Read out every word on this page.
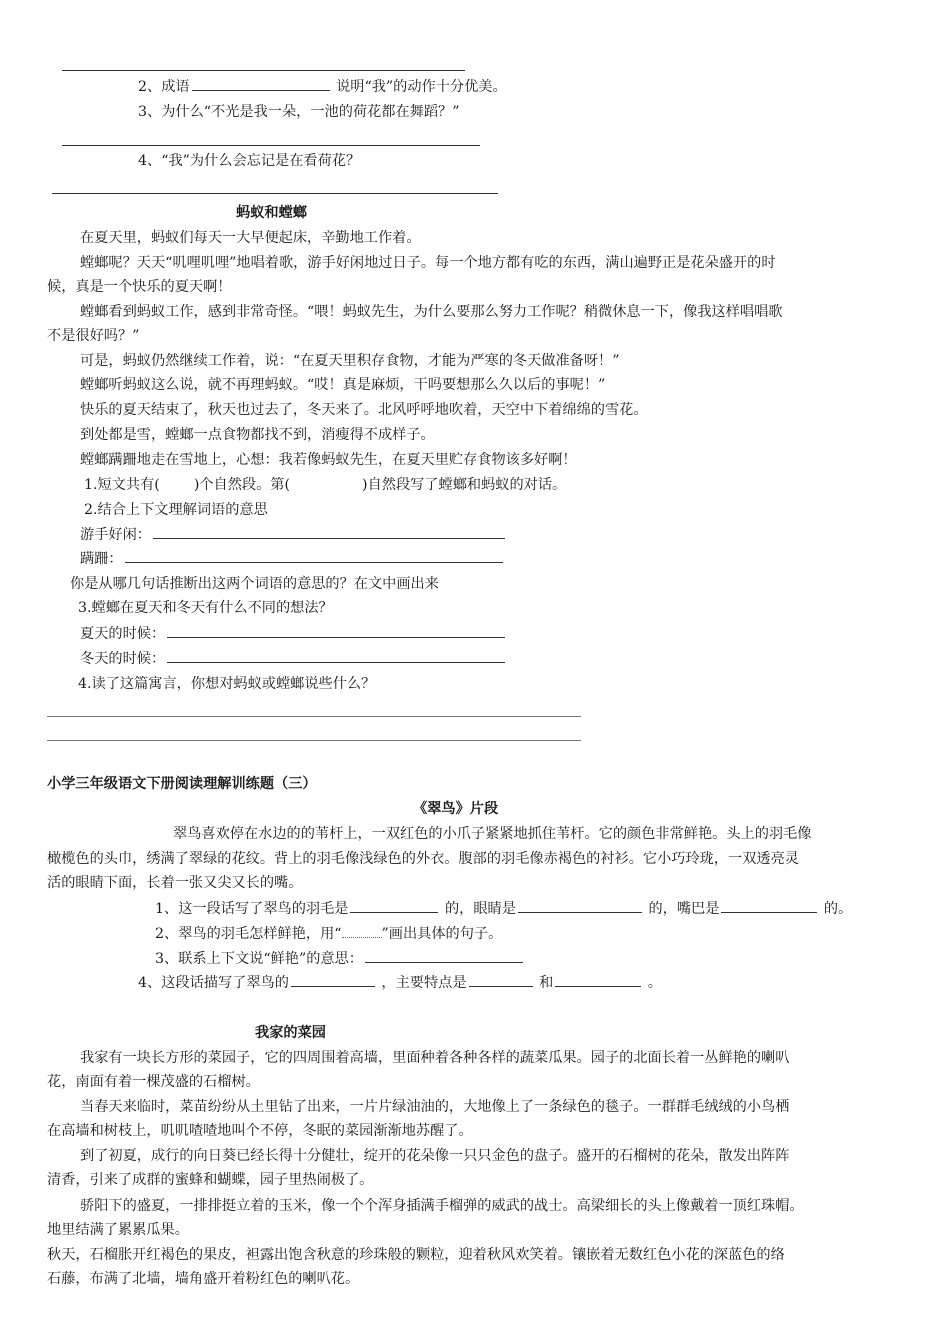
2、成语	说明“我”的动作十分优美。
3、为什么“不光是我一朵，一池的荷花都在舞蹈？”
4、“我”为什么会忘记是在看荷花？
蚂蚁和螳螂
在夏天里，蚂蚁们每天一大早便起床，辛勤地工作着。
螳螂呢？天天“叽哩叽哩”地唱着歌，游手好闲地过日子。每一个地方都有吃的东西，满山遍野正是花朵盛开的时
候，真是一个快乐的夏天啊！
螳螂看到蚂蚁工作，感到非常奇怪。“喂！蚂蚁先生，为什么要那么努力工作呢？稍微休息一下，像我这样唱唱歌
不是很好吗？”
可是，蚂蚁仍然继续工作着，说：“在夏天里积存食物，才能为严寒的冬天做准备呀！”
螳螂听蚂蚁这么说，就不再理蚂蚁。“哎！真是麻烦，干吗要想那么久以后的事呢！”
快乐的夏天结束了，秋天也过去了，冬天来了。北风呼呼地吹着，天空中下着绵绵的雪花。
到处都是雪，螳螂一点食物都找不到，消瘦得不成样子。
螳螂蹒跚地走在雪地上，心想：我若像蚂蚁先生，在夏天里贮存食物该多好啊！
1.短文共有( )个自然段。第(	)自然段写了螳螂和蚂蚁的对话。
2.结合上下文理解词语的意思
游手好闲：
蹒跚：
你是从哪几句话推断出这两个词语的意思的？在文中画出来
3.螳螂在夏天和冬天有什么不同的想法？
夏天的时候：
冬天的时候：
4.读了这篇寓言，你想对蚂蚁或螳螂说些什么？
小学三年级语文下册阅读理解训练题（三）
《翠鸟》片段
翠鸟喜欢停在水边的的苇杆上，一双红色的小爪子紧紧地抓住苇杆。它的颜色非常鲜艳。头上的羽毛像
橄榄色的头巾，绣满了翠绿的花纹。背上的羽毛像浅绿色的外衣。腹部的羽毛像赤褐色的衬衫。它小巧玲珑，一双透亮灵
活的眼睛下面，长着一张又尖又长的嘴。
1、这一段话写了翠鸟的羽毛是	的，眼睛是	的，嘴巴是	的。
2、翠鸟的羽毛怎样鲜艳，用“	”画出具体的句子。
3、联系上下文说“鲜艳”的意思：
4、这段话描写了翠鸟的	，主要特点是	和	。
我家的菜园
我家有一块长方形的菜园子，它的四周围着高墙，里面种着各种各样的蔬菜瓜果。园子的北面长着一丛鲜艳的喇叭
花，南面有着一棵茂盛的石榴树。
当春天来临时，菜苗纷纷从土里钻了出来，一片片绿油油的，大地像上了一条绿色的毯子。一群群毛绒绒的小鸟栖
在高墙和树枝上，叽叽喳喳地叫个不停，冬眠的菜园渐渐地苏醒了。
到了初夏，成行的向日葵已经长得十分健壮，绽开的花朵像一只只金色的盘子。盛开的石榴树的花朵，散发出阵阵
清香，引来了成群的蜜蜂和蝴蝶，园子里热闹极了。
骄阳下的盛夏，一排排挺立着的玉米，像一个个浑身插满手榴弹的威武的战士。高梁细长的头上像戴着一顶红珠帽。
地里结满了累累瓜果。
秋天，石榴胀开红褐色的果皮，袒露出饱含秋意的珍珠般的颗粒，迎着秋风欢笑着。镶嵌着无数红色小花的深蓝色的络
石藤，布满了北墙，墙角盛开着粉红色的喇叭花。
